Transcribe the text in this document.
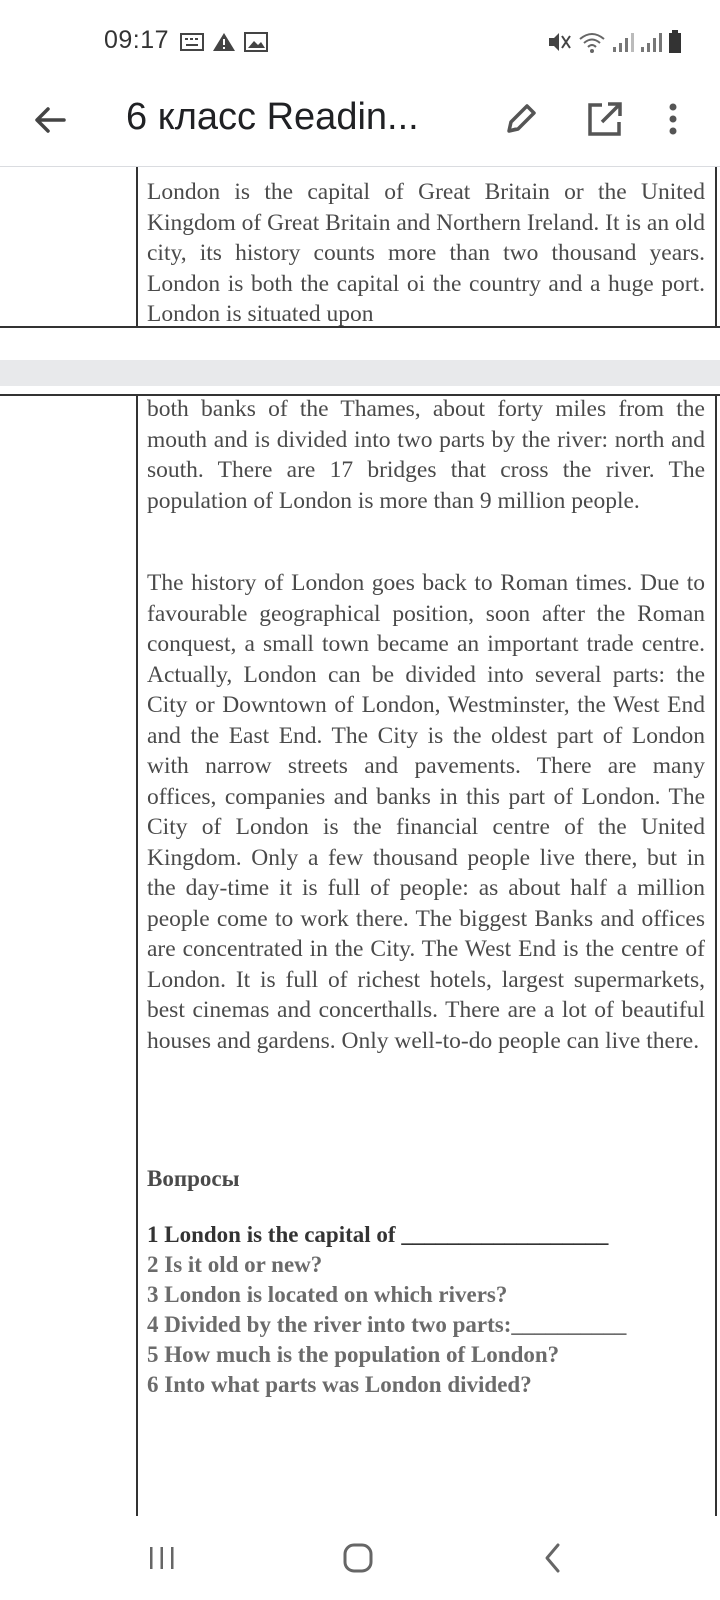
09:17
6 класс Readin...

London is the capital of Great Britain or the United Kingdom of Great Britain and Northern Ireland. It is an old city, its history counts more than two thousand years. London is both the capital oi the country and a huge port. London is situated upon

both banks of the Thames, about forty miles from the mouth and is divided into two parts by the river: north and south. There are 17 bridges that cross the river. The population of London is more than 9 million people.

The history of London goes back to Roman times. Due to favourable geographical position, soon after the Roman conquest, a small town became an important trade centre. Actually, London can be divided into several parts: the City or Downtown of London, Westminster, the West End and the East End. The City is the oldest part of London with narrow streets and pavements. There are many offices, companies and banks in this part of London. The City of London is the financial centre of the United Kingdom. Only a few thousand people live there, but in the day-time it is full of people: as about half a million people come to work there. The biggest Banks and offices are concentrated in the City. The West End is the centre of London. It is full of richest hotels, largest supermarkets, best cinemas and concerthalls. There are a lot of beautiful houses and gardens. Only well-to-do people can live there.

Вопросы
1 London is the capital of __________________
2 Is it old or new?
3 London is located on which rivers?
4 Divided by the river into two parts:__________
5 How much is the population of London?
6 Into what parts was London divided?
